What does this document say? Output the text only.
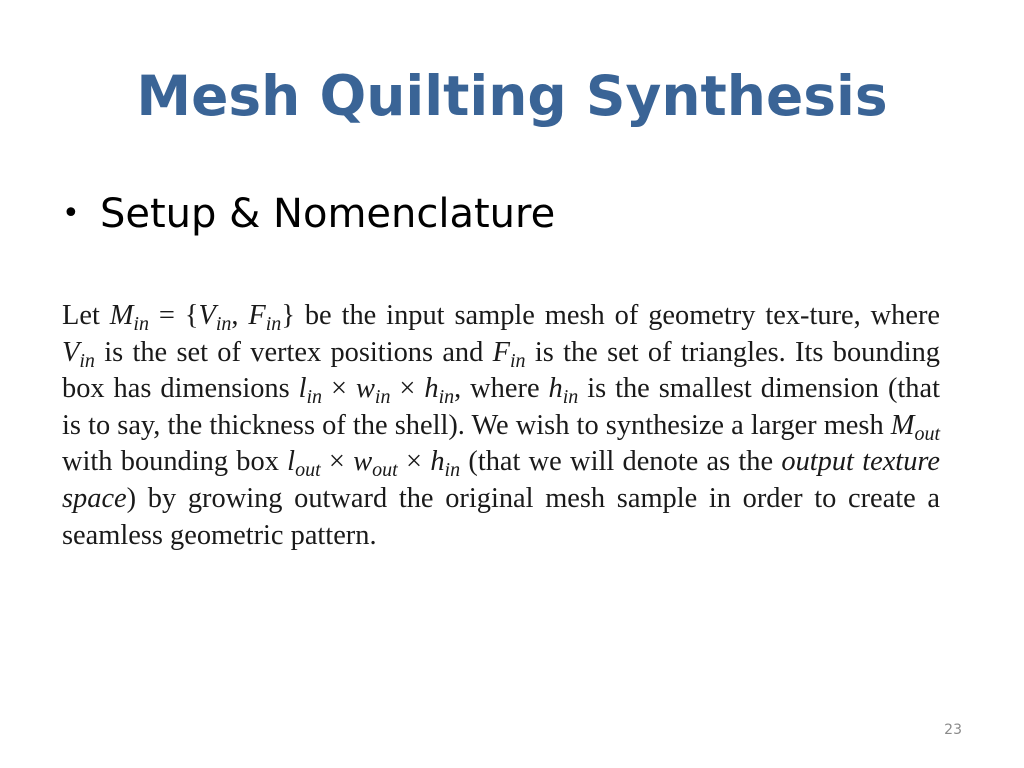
Mesh Quilting Synthesis
• Setup & Nomenclature
Let $M_{in} = \{V_{in}$, $F_{in}$} be the input sample mesh of geometry tex-ture, where $V_{in}$ is the set of vertex positions and $F_{in}$ is the set of triangles. Its bounding box has dimensions $l_{in} \times w_{in} \times h_{in}$, where $h_{in}$ is the smallest dimension (that is to say, the thickness of the shell). We wish to synthesize a larger mesh $M_{out}$ with bounding box $l_{out} \times w_{out} \times h_{in}$ (that we will denote as the output texture space) by growing outward the original mesh sample in order to create a seamless geometric pattern.
23
